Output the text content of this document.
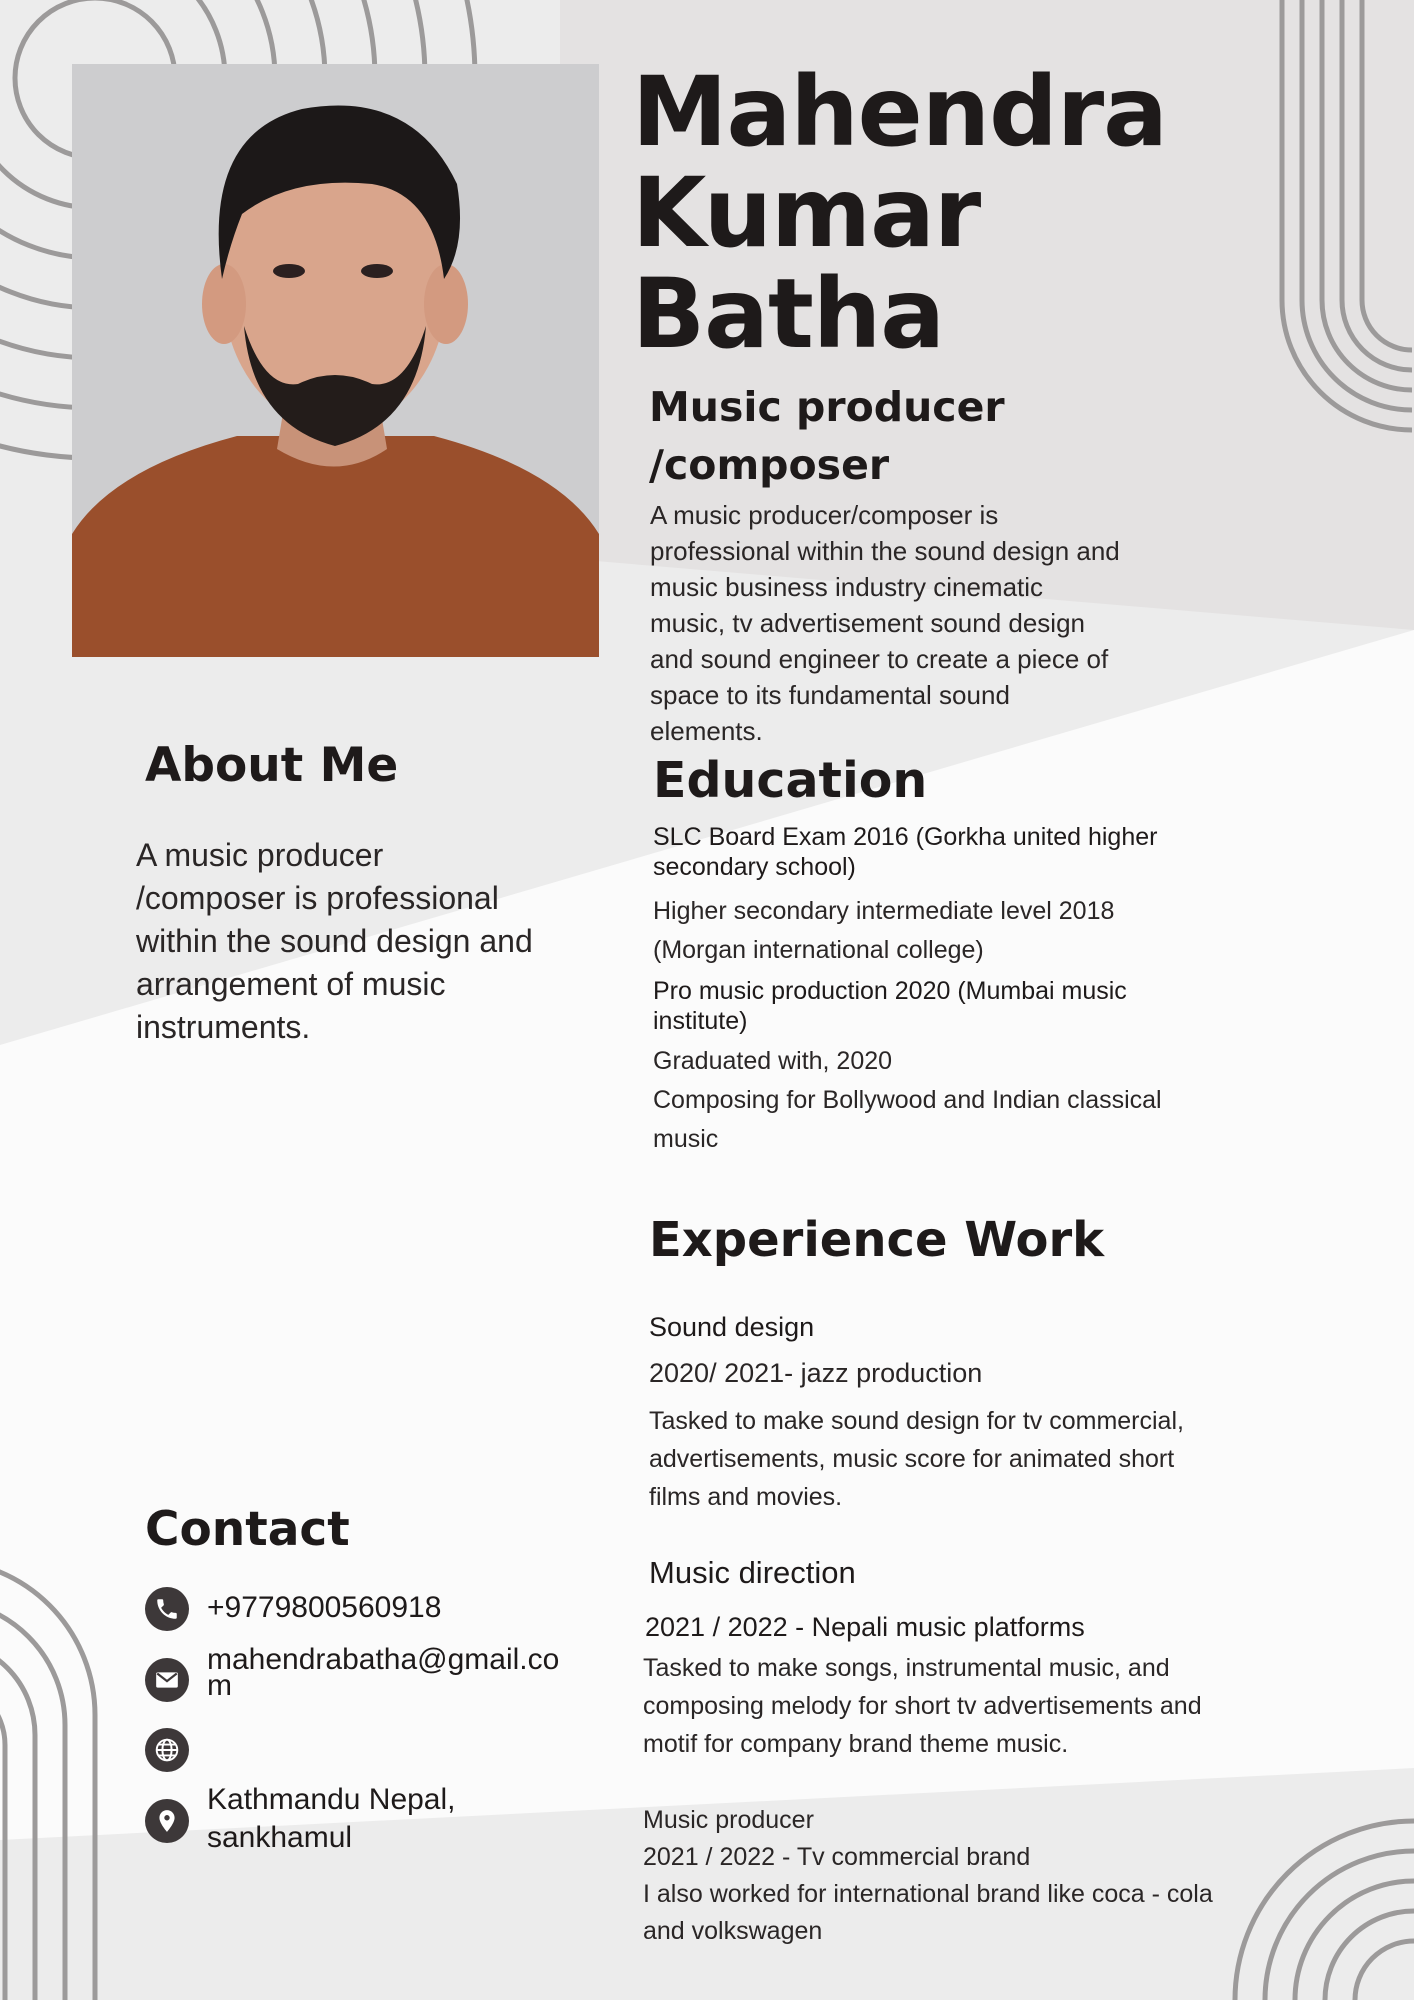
Mahendra
Kumar
Batha
Music producer
/composer
A music producer/composer is
professional within the sound design and
music business industry cinematic
music, tv advertisement sound design
and sound engineer to create a piece of
space to its fundamental sound
elements.
About Me
A music producer
/composer is professional
within the sound design and
arrangement of music
instruments.
Education

SLC Board Exam 2016 (Gorkha united higher
secondary school)

Higher secondary intermediate level 2018
(Morgan international college)

Pro music production 2020 (Mumbai music
institute)

Graduated with, 2020
Composing for Bollywood and Indian classical
music

Experience Work

Sound design

2020/ 2021- jazz production

Tasked to make sound design for tv commercial,
advertisements, music score for animated short
films and movies.

Music direction

2021 / 2022 - Nepali music platforms

Tasked to make songs, instrumental music, and
composing melody for short tv advertisements and
motif for company brand theme music.
Music producer
2021 / 2022 - Tv commercial brand
I also worked for international brand like coca - cola
and volkswagen
Contact

+9779800560918

mahendrabatha@gmail.co
m
Kathmandu Nepal,
sankhamul
